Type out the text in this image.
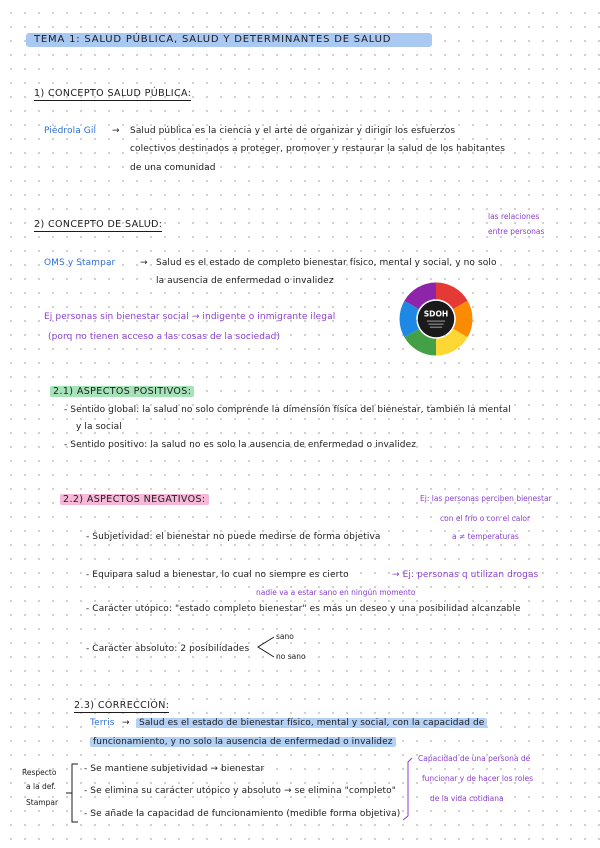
TEMA 1: SALUD PÚBLICA, SALUD Y DETERMINANTES DE SALUD
1) CONCEPTO SALUD PÚBLICA:
Piédrola Gil → Salud pública es la ciencia y el arte de organizar y dirigir los esfuerzos
colectivos destinados a proteger, promover y restaurar la salud de los habitantes
de una comunidad
2) CONCEPTO DE SALUD:
las relaciones
entre personas
OMS y Stampar	→ Salud es el estado de completo bienestar físico, mental y social, y no solo
la ausencia de enfermedad o invalidez
Ej personas sin bienestar social → indigente o inmigrante ilegal
(porq no tienen acceso a las cosas de la sociedad)
SDOH
2.1) ASPECTOS POSITIVOS:
- Sentido global: la salud no solo comprende la dimensión física del bienestar, también la mental
y la social
- Sentido positivo: la salud no es solo la ausencia de enfermedad o invalidez
2.2) ASPECTOS NEGATIVOS:	Ej: las personas perciben bienestar
con el frío o con el calor
a ≠ temperaturas
- Subjetividad: el bienestar no puede medirse de forma objetiva
- Equipara salud a bienestar, lo cual no siempre es cierto	→ Ej: personas q utilizan drogas
nadie va a estar sano en ningún momento
- Carácter utópico: "estado completo bienestar" es más un deseo y una posibilidad alcanzable
- Carácter absoluto: 2 posibilidades
sano
no sano
2.3) CORRECCIÓN:
Terris →	Salud es el estado de bienestar físico, mental y social, con la capacidad de
funcionamiento, y no solo la ausencia de enfermedad o invalidez
Respecto
a la def.
Stampar
- Se mantiene subjetividad → bienestar
- Se elimina su carácter utópico y absoluto → se elimina "completo"
- Se añade la capacidad de funcionamiento (medible forma objetiva)
Capacidad de una persona de
funcionar y de hacer los roles
de la vida cotidiana
